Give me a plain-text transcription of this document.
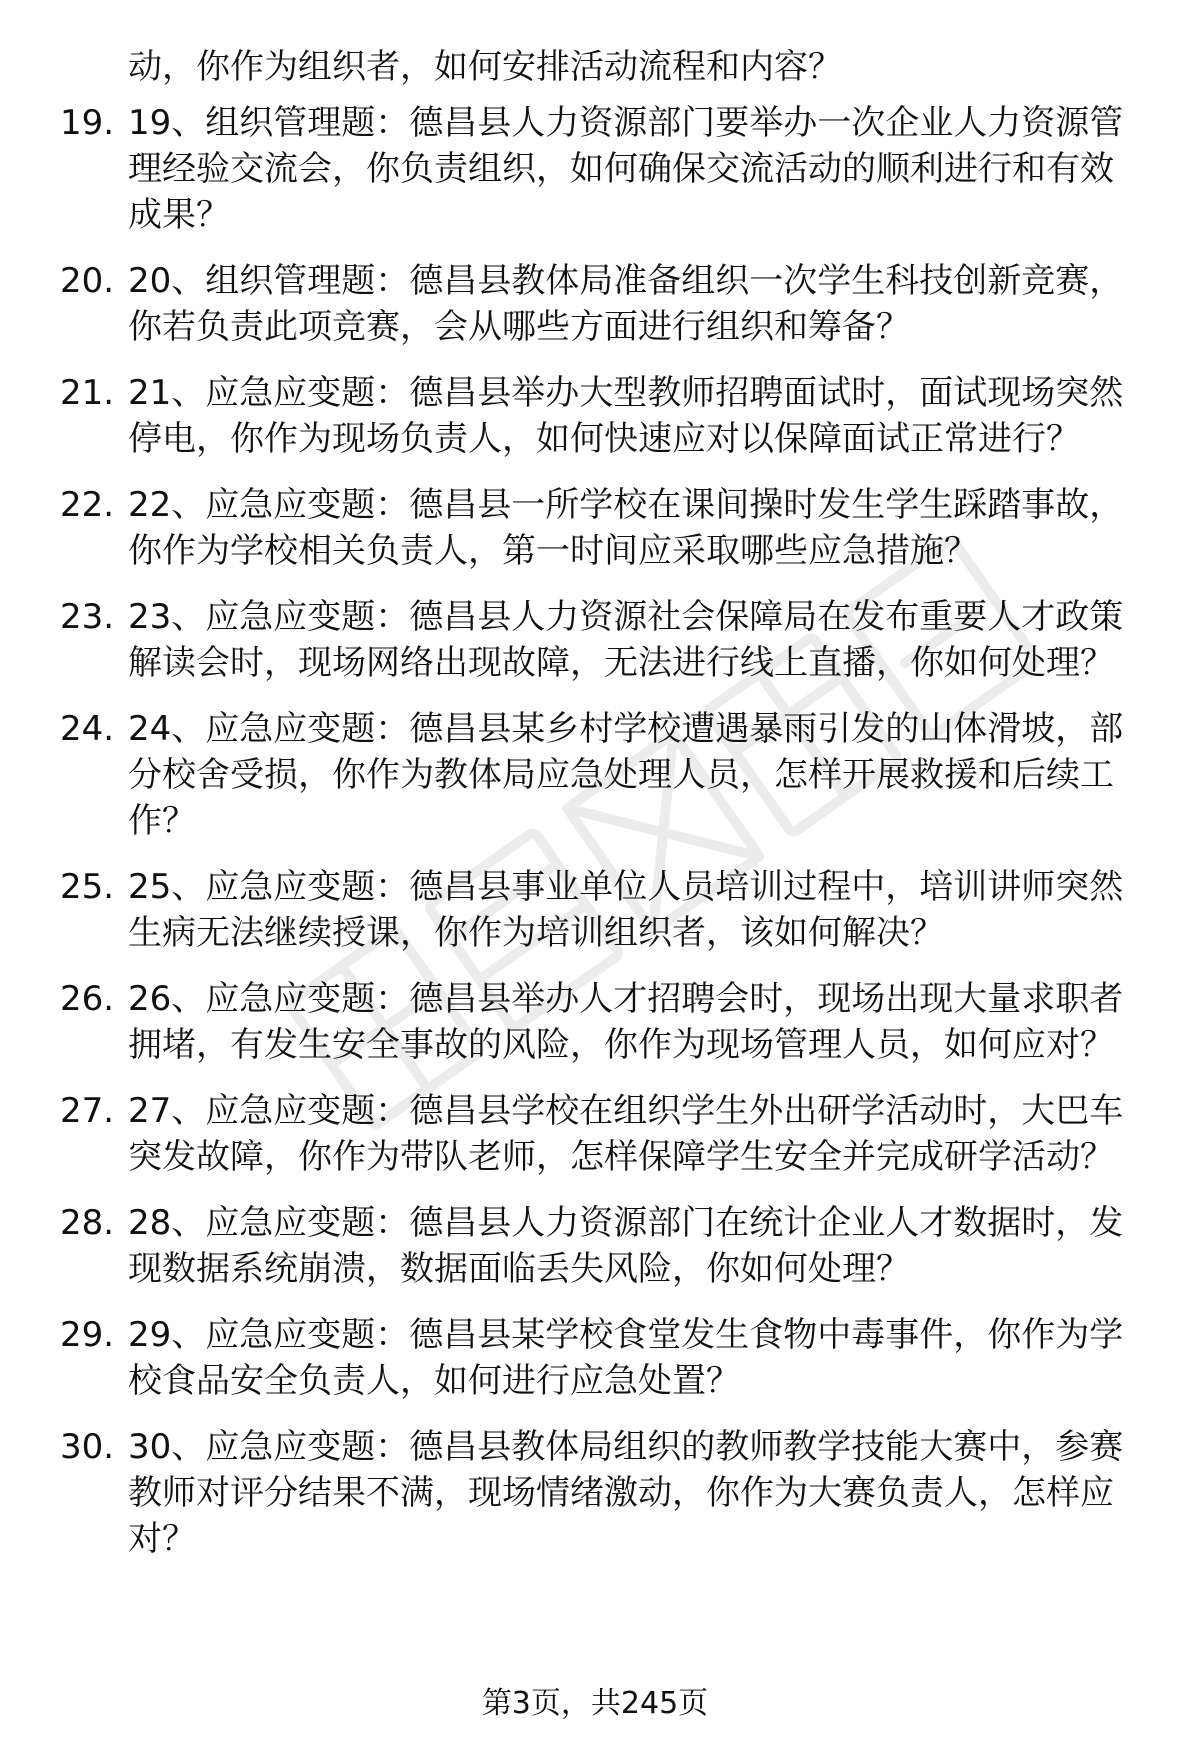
动，你作为组织者，如何安排活动流程和内容？
19. 19、组织管理题：德昌县人力资源部门要举办一次企业人力资源管理经验交流会，你负责组织，如何确保交流活动的顺利进行和有效成果？
20. 20、组织管理题：德昌县教体局准备组织一次学生科技创新竞赛，你若负责此项竞赛，会从哪些方面进行组织和筹备？
21. 21、应急应变题：德昌县举办大型教师招聘面试时，面试现场突然停电，你作为现场负责人，如何快速应对以保障面试正常进行？
22. 22、应急应变题：德昌县一所学校在课间操时发生学生踩踏事故，你作为学校相关负责人，第一时间应采取哪些应急措施？
23. 23、应急应变题：德昌县人力资源社会保障局在发布重要人才政策解读会时，现场网络出现故障，无法进行线上直播，你如何处理？
24. 24、应急应变题：德昌县某乡村学校遭遇暴雨引发的山体滑坡，部分校舍受损，你作为教体局应急处理人员，怎样开展救援和后续工作？
25. 25、应急应变题：德昌县事业单位人员培训过程中，培训讲师突然生病无法继续授课，你作为培训组织者，该如何解决？
26. 26、应急应变题：德昌县举办人才招聘会时，现场出现大量求职者拥堵，有发生安全事故的风险，你作为现场管理人员，如何应对？
27. 27、应急应变题：德昌县学校在组织学生外出研学活动时，大巴车突发故障，你作为带队老师，怎样保障学生安全并完成研学活动？
28. 28、应急应变题：德昌县人力资源部门在统计企业人才数据时，发现数据系统崩溃，数据面临丢失风险，你如何处理？
29. 29、应急应变题：德昌县某学校食堂发生食物中毒事件，你作为学校食品安全负责人，如何进行应急处置？
30. 30、应急应变题：德昌县教体局组织的教师教学技能大赛中，参赛教师对评分结果不满，现场情绪激动，你作为大赛负责人，怎样应对？
第3页，共245页
